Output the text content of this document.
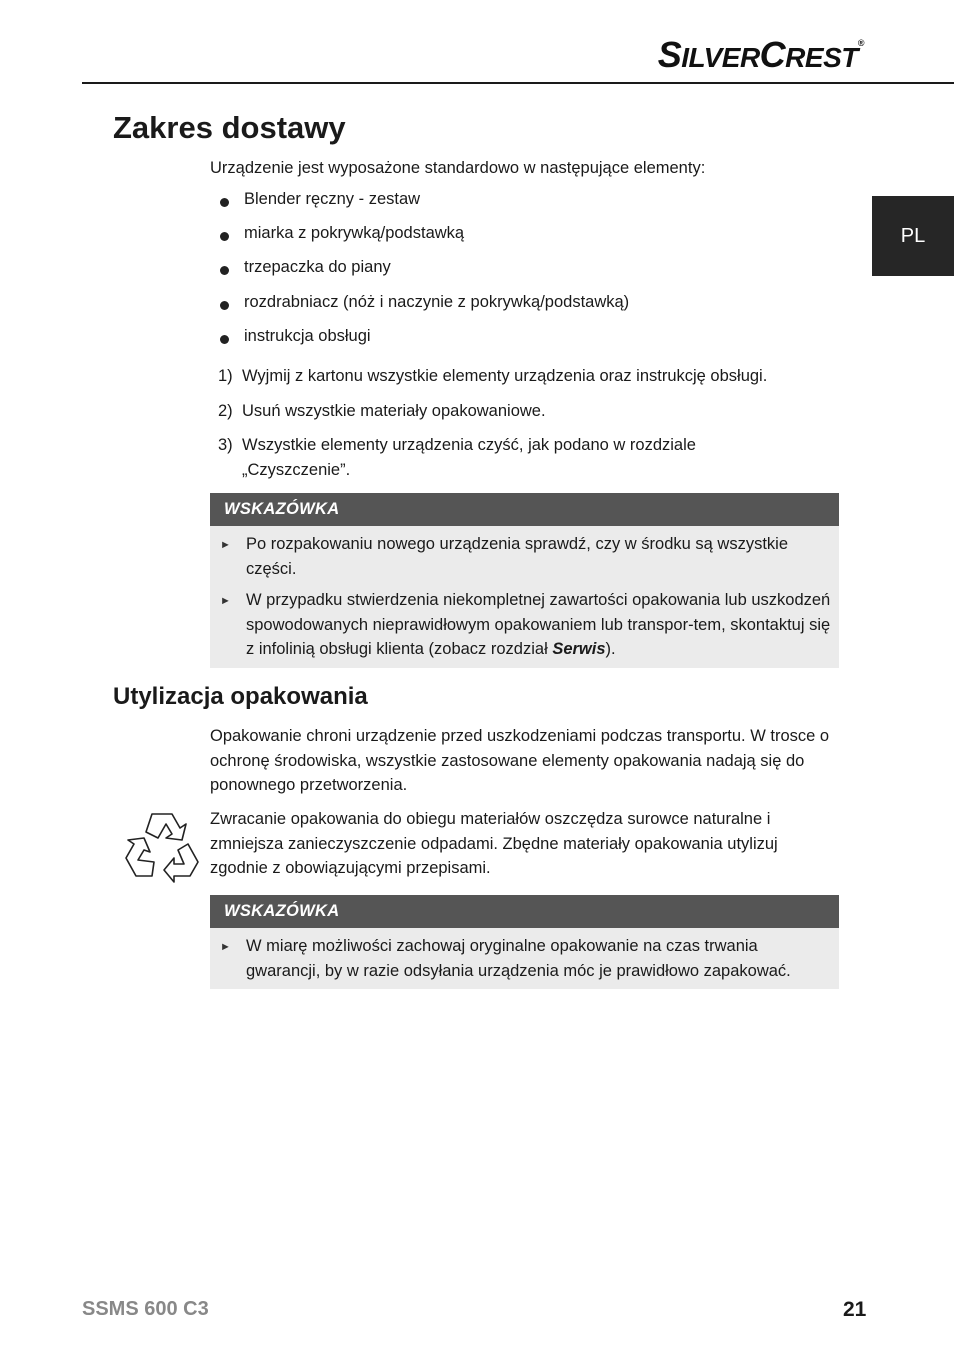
SILVERCREST®
PL
Zakres dostawy
Urządzenie jest wyposażone standardowo w następujące elementy:
Blender ręczny - zestaw
miarka z pokrywką/podstawką
trzepaczka do piany
rozdrabniacz (nóż i naczynie z pokrywką/podstawką)
instrukcja obsługi
1) Wyjmij z kartonu wszystkie elementy urządzenia oraz instrukcję obsługi.
2) Usuń wszystkie materiały opakowaniowe.
3) Wszystkie elementy urządzenia czyść, jak podano w rozdziale „Czyszczenie”.
WSKAZÓWKA
► Po rozpakowaniu nowego urządzenia sprawdź, czy w środku są wszystkie części.
► W przypadku stwierdzenia niekompletnej zawartości opakowania lub uszkodzeń spowodowanych nieprawidłowym opakowaniem lub transpor-tem, skontaktuj się z infolinią obsługi klienta (zobacz rozdział Serwis).
Utylizacja opakowania
Opakowanie chroni urządzenie przed uszkodzeniami podczas transportu. W trosce o ochronę środowiska, wszystkie zastosowane elementy opakowania nadają się do ponownego przetworzenia.
Zwracanie opakowania do obiegu materiałów oszczędza surowce naturalne i zmniejsza zanieczyszczenie odpadami. Zbędne materiały opakowania utylizuj zgodnie z obowiązującymi przepisami.
WSKAZÓWKA
► W miarę możliwości zachowaj oryginalne opakowanie na czas trwania gwarancji, by w razie odsyłania urządzenia móc je prawidłowo zapakować.
SSMS 600 C3	21
